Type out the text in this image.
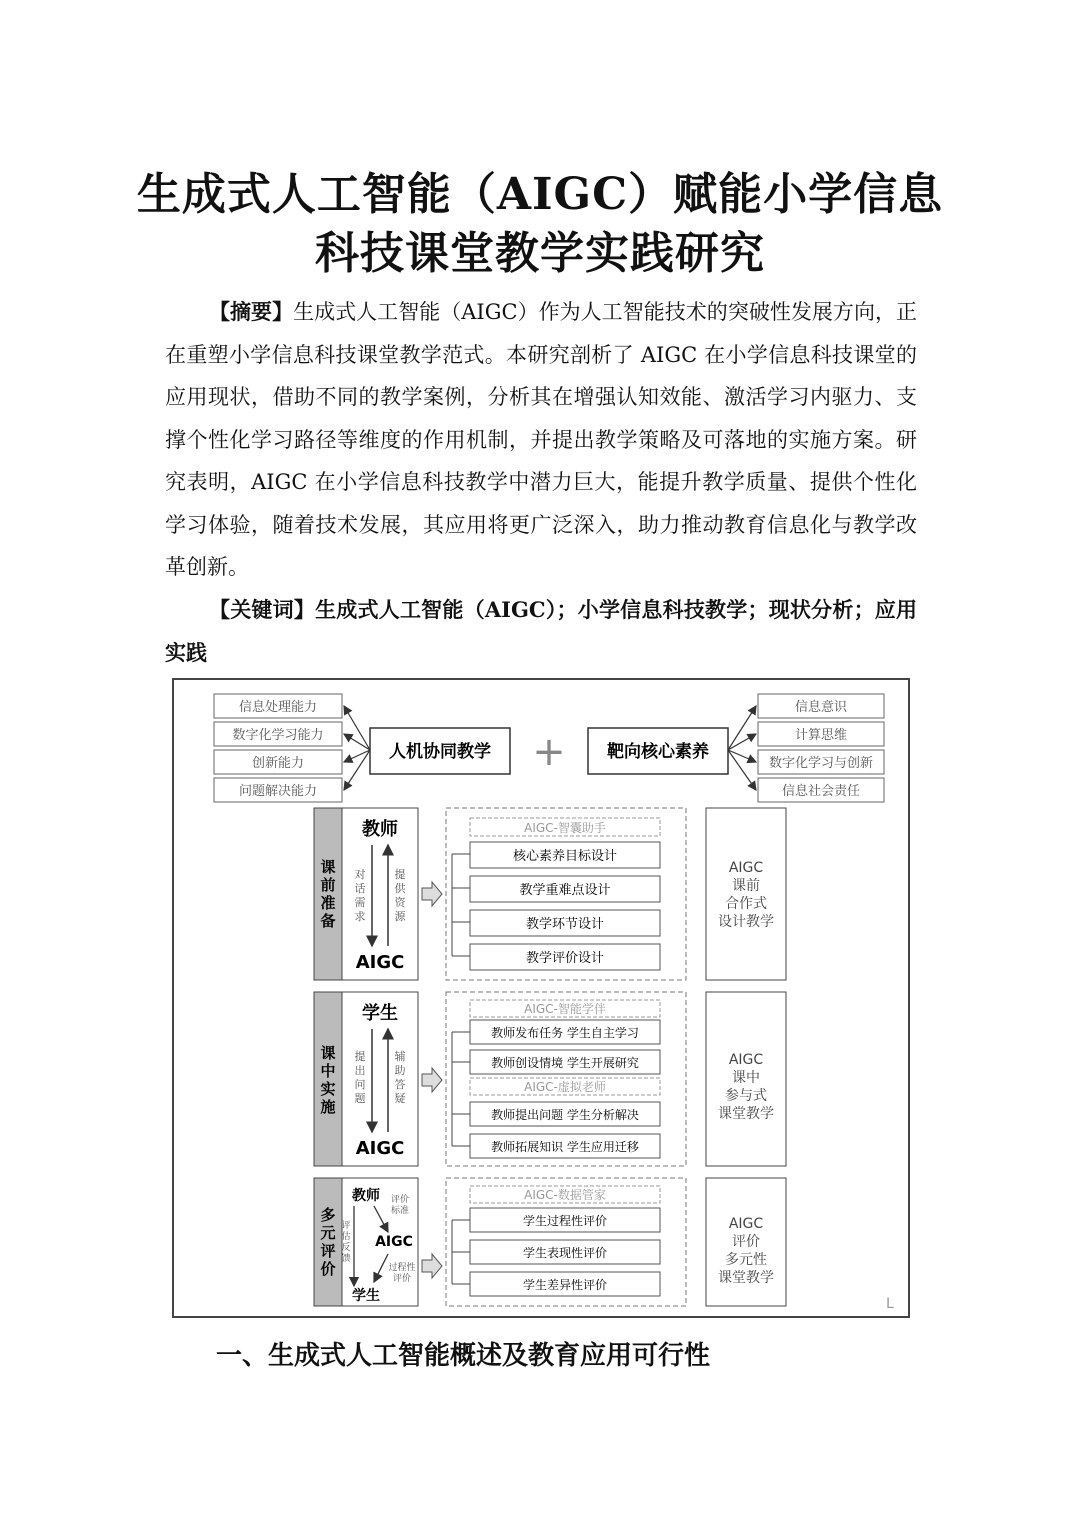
生成式人工智能（AIGC）赋能小学信息
科技课堂教学实践研究

【摘要】生成式人工智能（AIGC）作为人工智能技术的突破性发展方向，正在重塑小学信息科技课堂教学范式。本研究剖析了 AIGC 在小学信息科技课堂的应用现状，借助不同的教学案例，分析其在增强认知效能、激活学习内驱力、支撑个性化学习路径等维度的作用机制，并提出教学策略及可落地的实施方案。研究表明，AIGC 在小学信息科技教学中潜力巨大，能提升教学质量、提供个性化学习体验，随着技术发展，其应用将更广泛深入，助力推动教育信息化与教学改革创新。

【关键词】生成式人工智能（AIGC）；小学信息科技教学；现状分析；应用实践

信息处理能力
数字化学习能力
创新能力
问题解决能力
人机协同教学 + 靶向核心素养
信息意识
计算思维
数字化学习与创新
信息社会责任
课前准备
教师
AIGC
对话需求
提供资源
AIGC-智囊助手
核心素养目标设计
教学重难点设计
教学环节设计
教学评价设计
AIGC 课前合作式设计教学
课中实施
学生
AIGC
提出问题
辅助答疑
AIGC-智能学伴
AIGC-虚拟老师
教师发布任务 学生自主学习
教师创设情境 学生开展研究
教师提出问题 学生分析解决
教师拓展知识 学生应用迁移
AIGC 课中参与式课堂教学
多元评价
教师
AIGC
学生
评价标准
过程性评价
评估反馈
AIGC-数据管家
学生过程性评价
学生表现性评价
学生差异性评价
AIGC 评价多元性课堂教学
L
一、生成式人工智能概述及教育应用可行性
